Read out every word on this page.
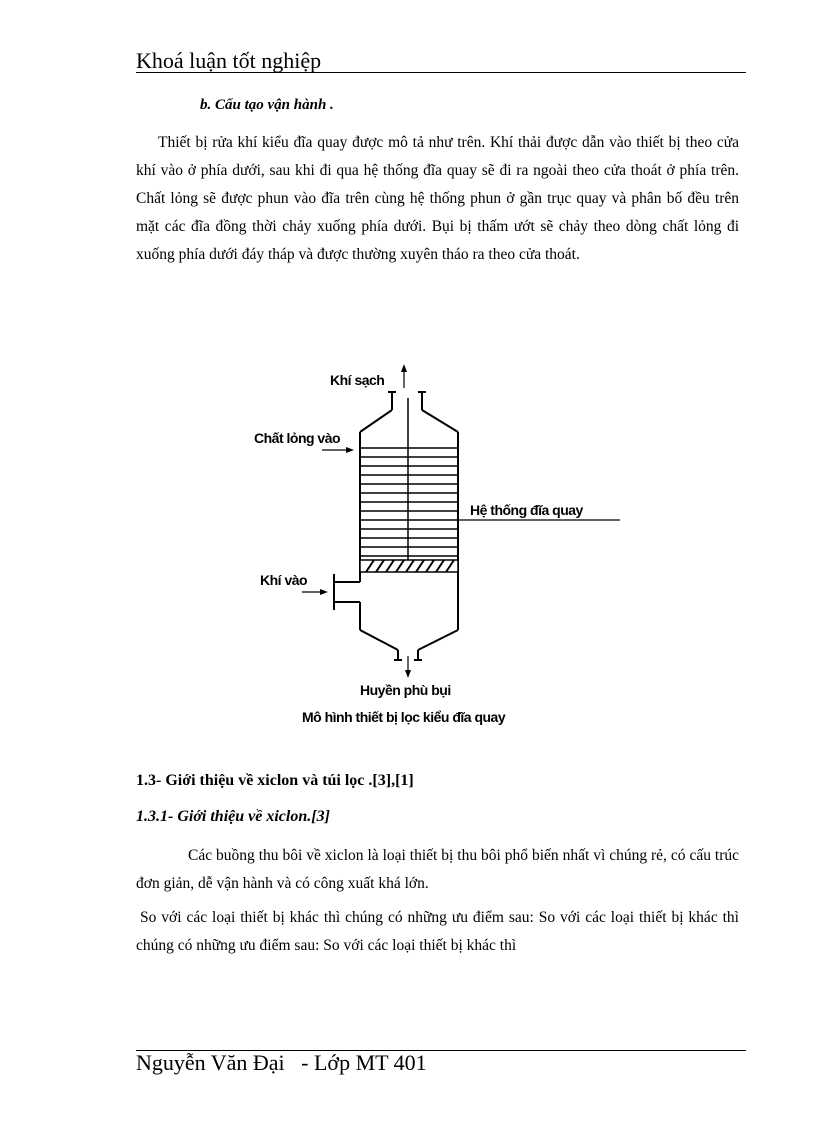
Khoá luận tốt nghiệp
b. Cấu tạo vận hành .

Thiết bị rửa khí kiểu đĩa quay được mô tả như trên. Khí thải được dẫn vào thiết bị theo cửa khí vào ở phía dưới, sau khi đi qua hệ thống đĩa quay sẽ đi ra ngoài theo cửa thoát ở phía trên. Chất lỏng sẽ được phun vào đĩa trên cùng hệ thống phun ở gần trục quay và phân bố đều trên mặt các đĩa đồng thời chảy xuống phía dưới. Bụi bị thấm ướt sẽ chảy theo dòng chất lỏng đi xuống phía dưới đáy tháp và được thường xuyên tháo ra theo cửa thoát.

Khí sạch
Chất lỏng vào
Hệ thống đĩa quay
Khí vào
Huyền phù bụi
Mô hình thiết bị lọc kiểu đĩa quay
1.3- Giới thiệu về xiclon và túi lọc .[3],[1]
1.3.1- Giới thiệu về xiclon.[3]

Các buồng thu bôi về xiclon là loại thiết bị thu bôi phổ biến nhất vì chúng rẻ, có cấu trúc đơn giản, dễ vận hành và có công xuất khá lớn.

So với các loại thiết bị khác thì chúng có những ưu điểm sau: So với các loại thiết bị khác thì chúng có những ưu điểm sau: So với các loại thiết bị khác thì

Nguyễn Văn Đại   - Lớp MT 401
